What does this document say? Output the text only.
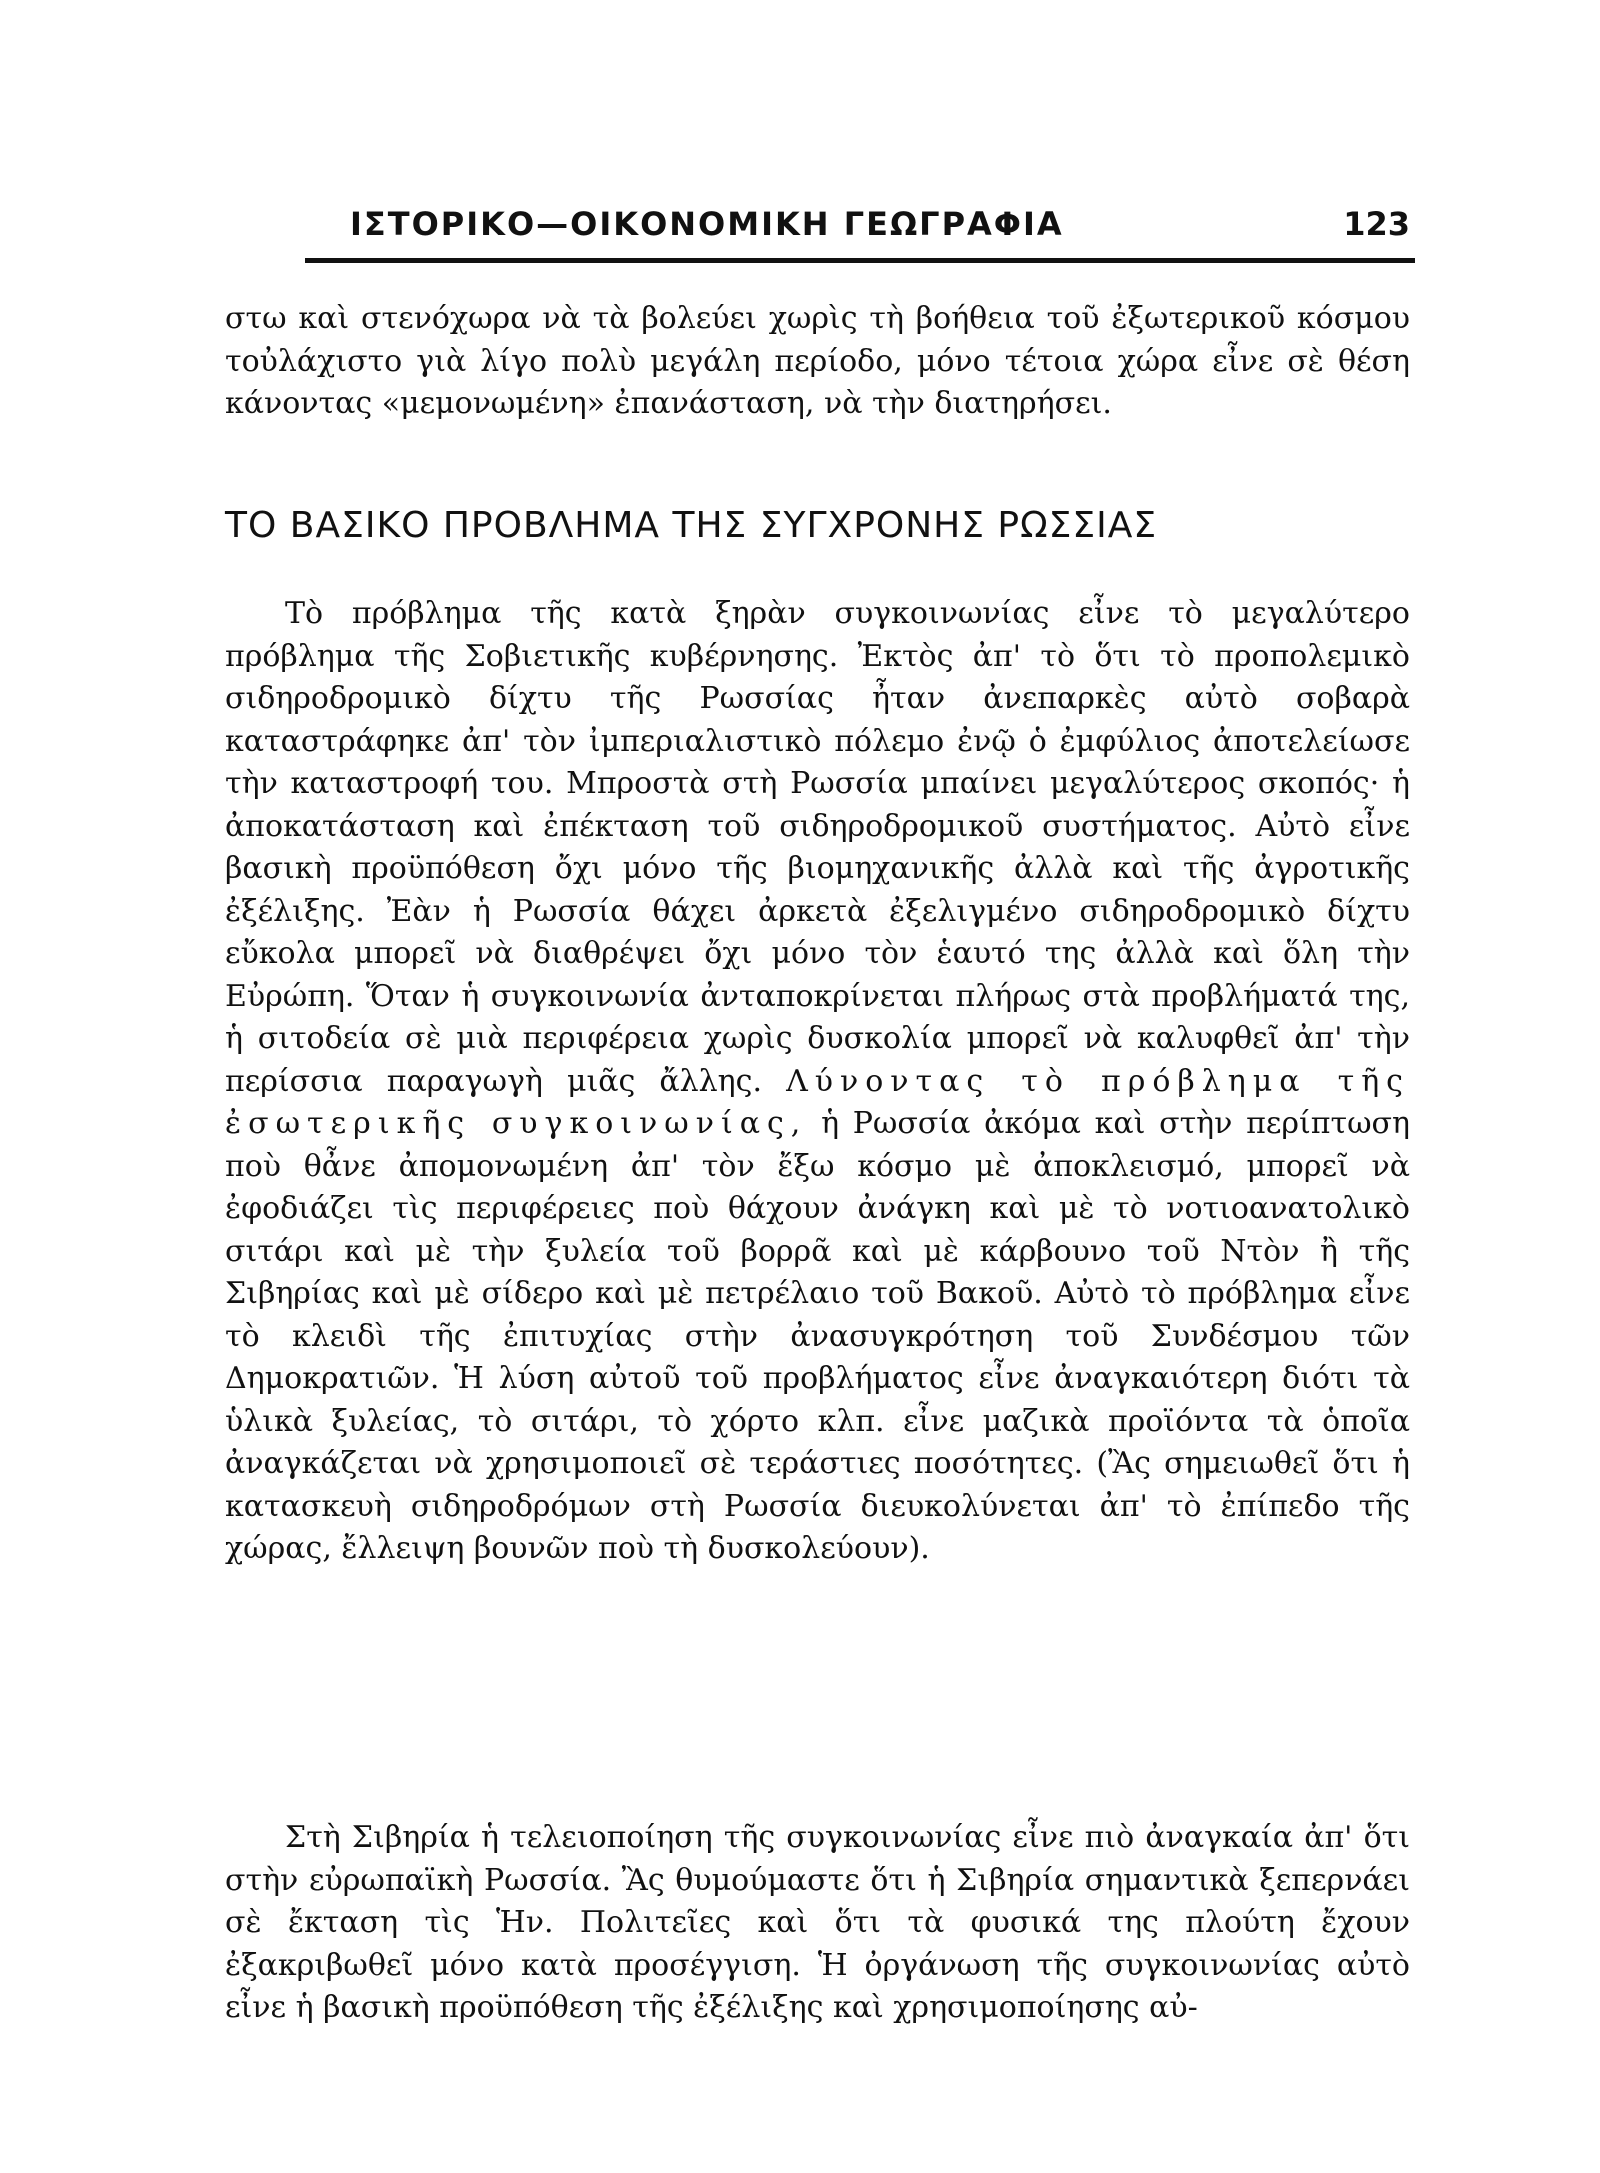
ΙΣΤΟΡΙΚΟ—ΟΙΚΟΝΟΜΙΚΗ ΓΕΩΓΡΑΦΙΑ	123

στω καὶ στενόχωρα νὰ τὰ βολεύει χωρὶς τὴ βοήθεια τοῦ ἐξωτερικοῦ κόσμου τοὐλάχιστο γιὰ λίγο πολὺ μεγάλη περίοδο, μόνο τέτοια χώρα εἶνε σὲ θέση κάνοντας «μεμονωμένη» ἐπανάσταση, νὰ τὴν διατηρήσει.

ΤΟ ΒΑΣΙΚΟ ΠΡΟΒΛΗΜΑ ΤΗΣ ΣΥΓΧΡΟΝΗΣ ΡΩΣΣΙΑΣ

Τὸ πρόβλημα τῆς κατὰ ξηρὰν συγκοινωνίας εἶνε τὸ μεγαλύτερο πρόβλημα τῆς Σοβιετικῆς κυβέρνησης. Ἐκτὸς ἀπ' τὸ ὅτι τὸ προπολεμικὸ σιδηροδρομικὸ δίχτυ τῆς Ρωσσίας ἦταν ἀνεπαρκὲς αὐτὸ σοβαρὰ καταστράφηκε ἀπ' τὸν ἰμπεριαλιστικὸ πόλεμο ἐνῷ ὁ ἐμφύλιος ἀποτελείωσε τὴν καταστροφή του. Μπροστὰ στὴ Ρωσσία μπαίνει μεγαλύτερος σκοπός· ἡ ἀποκατάσταση καὶ ἐπέκταση τοῦ σιδηροδρομικοῦ συστήματος. Αὐτὸ εἶνε βασικὴ προϋπόθεση ὄχι μόνο τῆς βιομηχανικῆς ἀλλὰ καὶ τῆς ἀγροτικῆς ἐξέλιξης. Ἐὰν ἡ Ρωσσία θάχει ἀρκετὰ ἐξελιγμένο σιδηροδρομικὸ δίχτυ εὔκολα μπορεῖ νὰ διαθρέψει ὄχι μόνο τὸν ἑαυτό της ἀλλὰ καὶ ὅλη τὴν Εὐρώπη. Ὅταν ἡ συγκοινωνία ἀνταποκρίνεται πλήρως στὰ προβλήματά της, ἡ σιτοδεία σὲ μιὰ περιφέρεια χωρὶς δυσκολία μπορεῖ νὰ καλυφθεῖ ἀπ' τὴν περίσσια παραγωγὴ μιᾶς ἄλλης. Λύνοντας τὸ πρόβλημα τῆς ἐσωτερικῆς συγκοινωνίας, ἡ Ρωσσία ἀκόμα καὶ στὴν περίπτωση ποὺ θἆνε ἀπομονωμένη ἀπ' τὸν ἔξω κόσμο μὲ ἀποκλεισμό, μπορεῖ νὰ ἐφοδιάζει τὶς περιφέρειες ποὺ θάχουν ἀνάγκη καὶ μὲ τὸ νοτιοανατολικὸ σιτάρι καὶ μὲ τὴν ξυλεία τοῦ βορρᾶ καὶ μὲ κάρβουνο τοῦ Ντὸν ἢ τῆς Σιβηρίας καὶ μὲ σίδερο καὶ μὲ πετρέλαιο τοῦ Βακοῦ. Αὐτὸ τὸ πρόβλημα εἶνε τὸ κλειδὶ τῆς ἐπιτυχίας στὴν ἀνασυγκρότηση τοῦ Συνδέσμου τῶν Δημοκρατιῶν. Ἡ λύση αὐτοῦ τοῦ προβλήματος εἶνε ἀναγκαιότερη διότι τὰ ὑλικὰ ξυλείας, τὸ σιτάρι, τὸ χόρτο κλπ. εἶνε μαζικὰ προϊόντα τὰ ὁποῖα ἀναγκάζεται νὰ χρησιμοποιεῖ σὲ τεράστιες ποσότητες. (Ἂς σημειωθεῖ ὅτι ἡ κατασκευὴ σιδηροδρόμων στὴ Ρωσσία διευκολύνεται ἀπ' τὸ ἐπίπεδο τῆς χώρας, ἔλλειψη βουνῶν ποὺ τὴ δυσκολεύουν).

Στὴ Σιβηρία ἡ τελειοποίηση τῆς συγκοινωνίας εἶνε πιὸ ἀναγκαία ἀπ' ὅτι στὴν εὐρωπαϊκὴ Ρωσσία. Ἂς θυμούμαστε ὅτι ἡ Σιβηρία σημαντικὰ ξεπερνάει σὲ ἔκταση τὶς Ἡν. Πολιτεῖες καὶ ὅτι τὰ φυσικά της πλούτη ἔχουν ἐξακριβωθεῖ μόνο κατὰ προσέγγιση. Ἡ ὀργάνωση τῆς συγκοινωνίας αὐτὸ εἶνε ἡ βασικὴ προϋπόθεση τῆς ἐξέλιξης καὶ χρησιμοποίησης αὐ-
